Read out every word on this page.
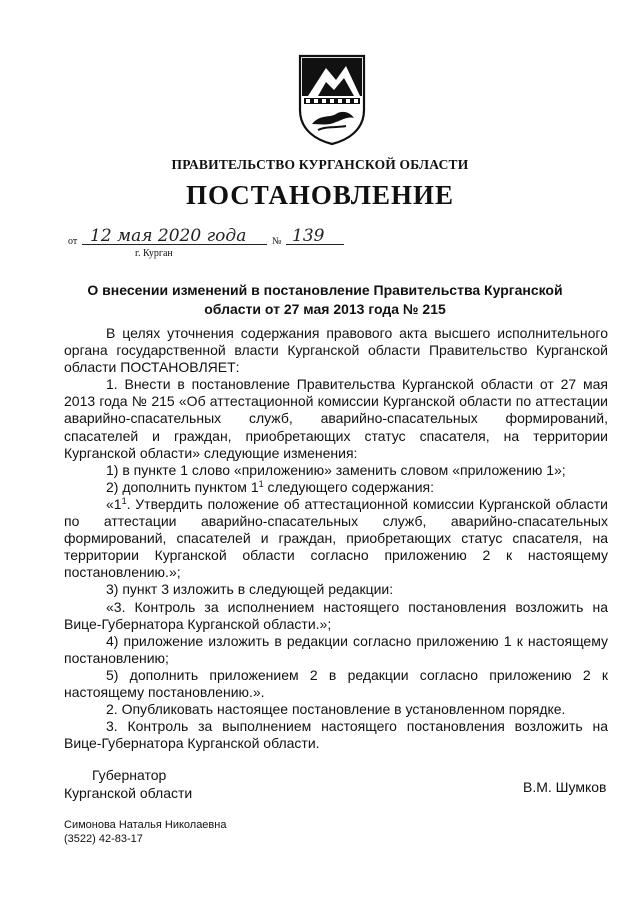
ПРАВИТЕЛЬСТВО КУРГАНСКОЙ ОБЛАСТИ
ПОСТАНОВЛЕНИЕ
от 12 мая 2020 года	№ 139
г. Курган
О внесении изменений в постановление Правительства Курганской
области от 27 мая 2013 года № 215

В целях уточнения содержания правового акта высшего исполнительного органа государственной власти Курганской области Правительство Курганской области ПОСТАНОВЛЯЕТ:

1. Внести в постановление Правительства Курганской области от 27 мая 2013 года № 215 «Об аттестационной комиссии Курганской области по аттестации аварийно-спасательных служб, аварийно-спасательных формирований, спасателей и граждан, приобретающих статус спасателя, на территории Курганской области» следующие изменения:

1) в пункте 1 слово «приложению» заменить словом «приложению 1»;

2) дополнить пунктом $1^1$ следующего содержания:

«$1^1$. Утвердить положение об аттестационной комиссии Курганской области по аттестации аварийно-спасательных служб, аварийно-спасательных формирований, спасателей и граждан, приобретающих статус спасателя, на территории Курганской области согласно приложению 2 к настоящему постановлению.»;

3) пункт 3 изложить в следующей редакции:

«3. Контроль за исполнением настоящего постановления возложить на Вице-Губернатора Курганской области.»;

4) приложение изложить в редакции согласно приложению 1 к настоящему постановлению;

5) дополнить приложением 2 в редакции согласно приложению 2 к настоящему постановлению.».

2. Опубликовать настоящее постановление в установленном порядке.

3. Контроль за выполнением настоящего постановления возложить на Вице-Губернатора Курганской области.

Губернатор
Курганской области	В.М. Шумков
Симонова Наталья Николаевна
(3522) 42-83-17
